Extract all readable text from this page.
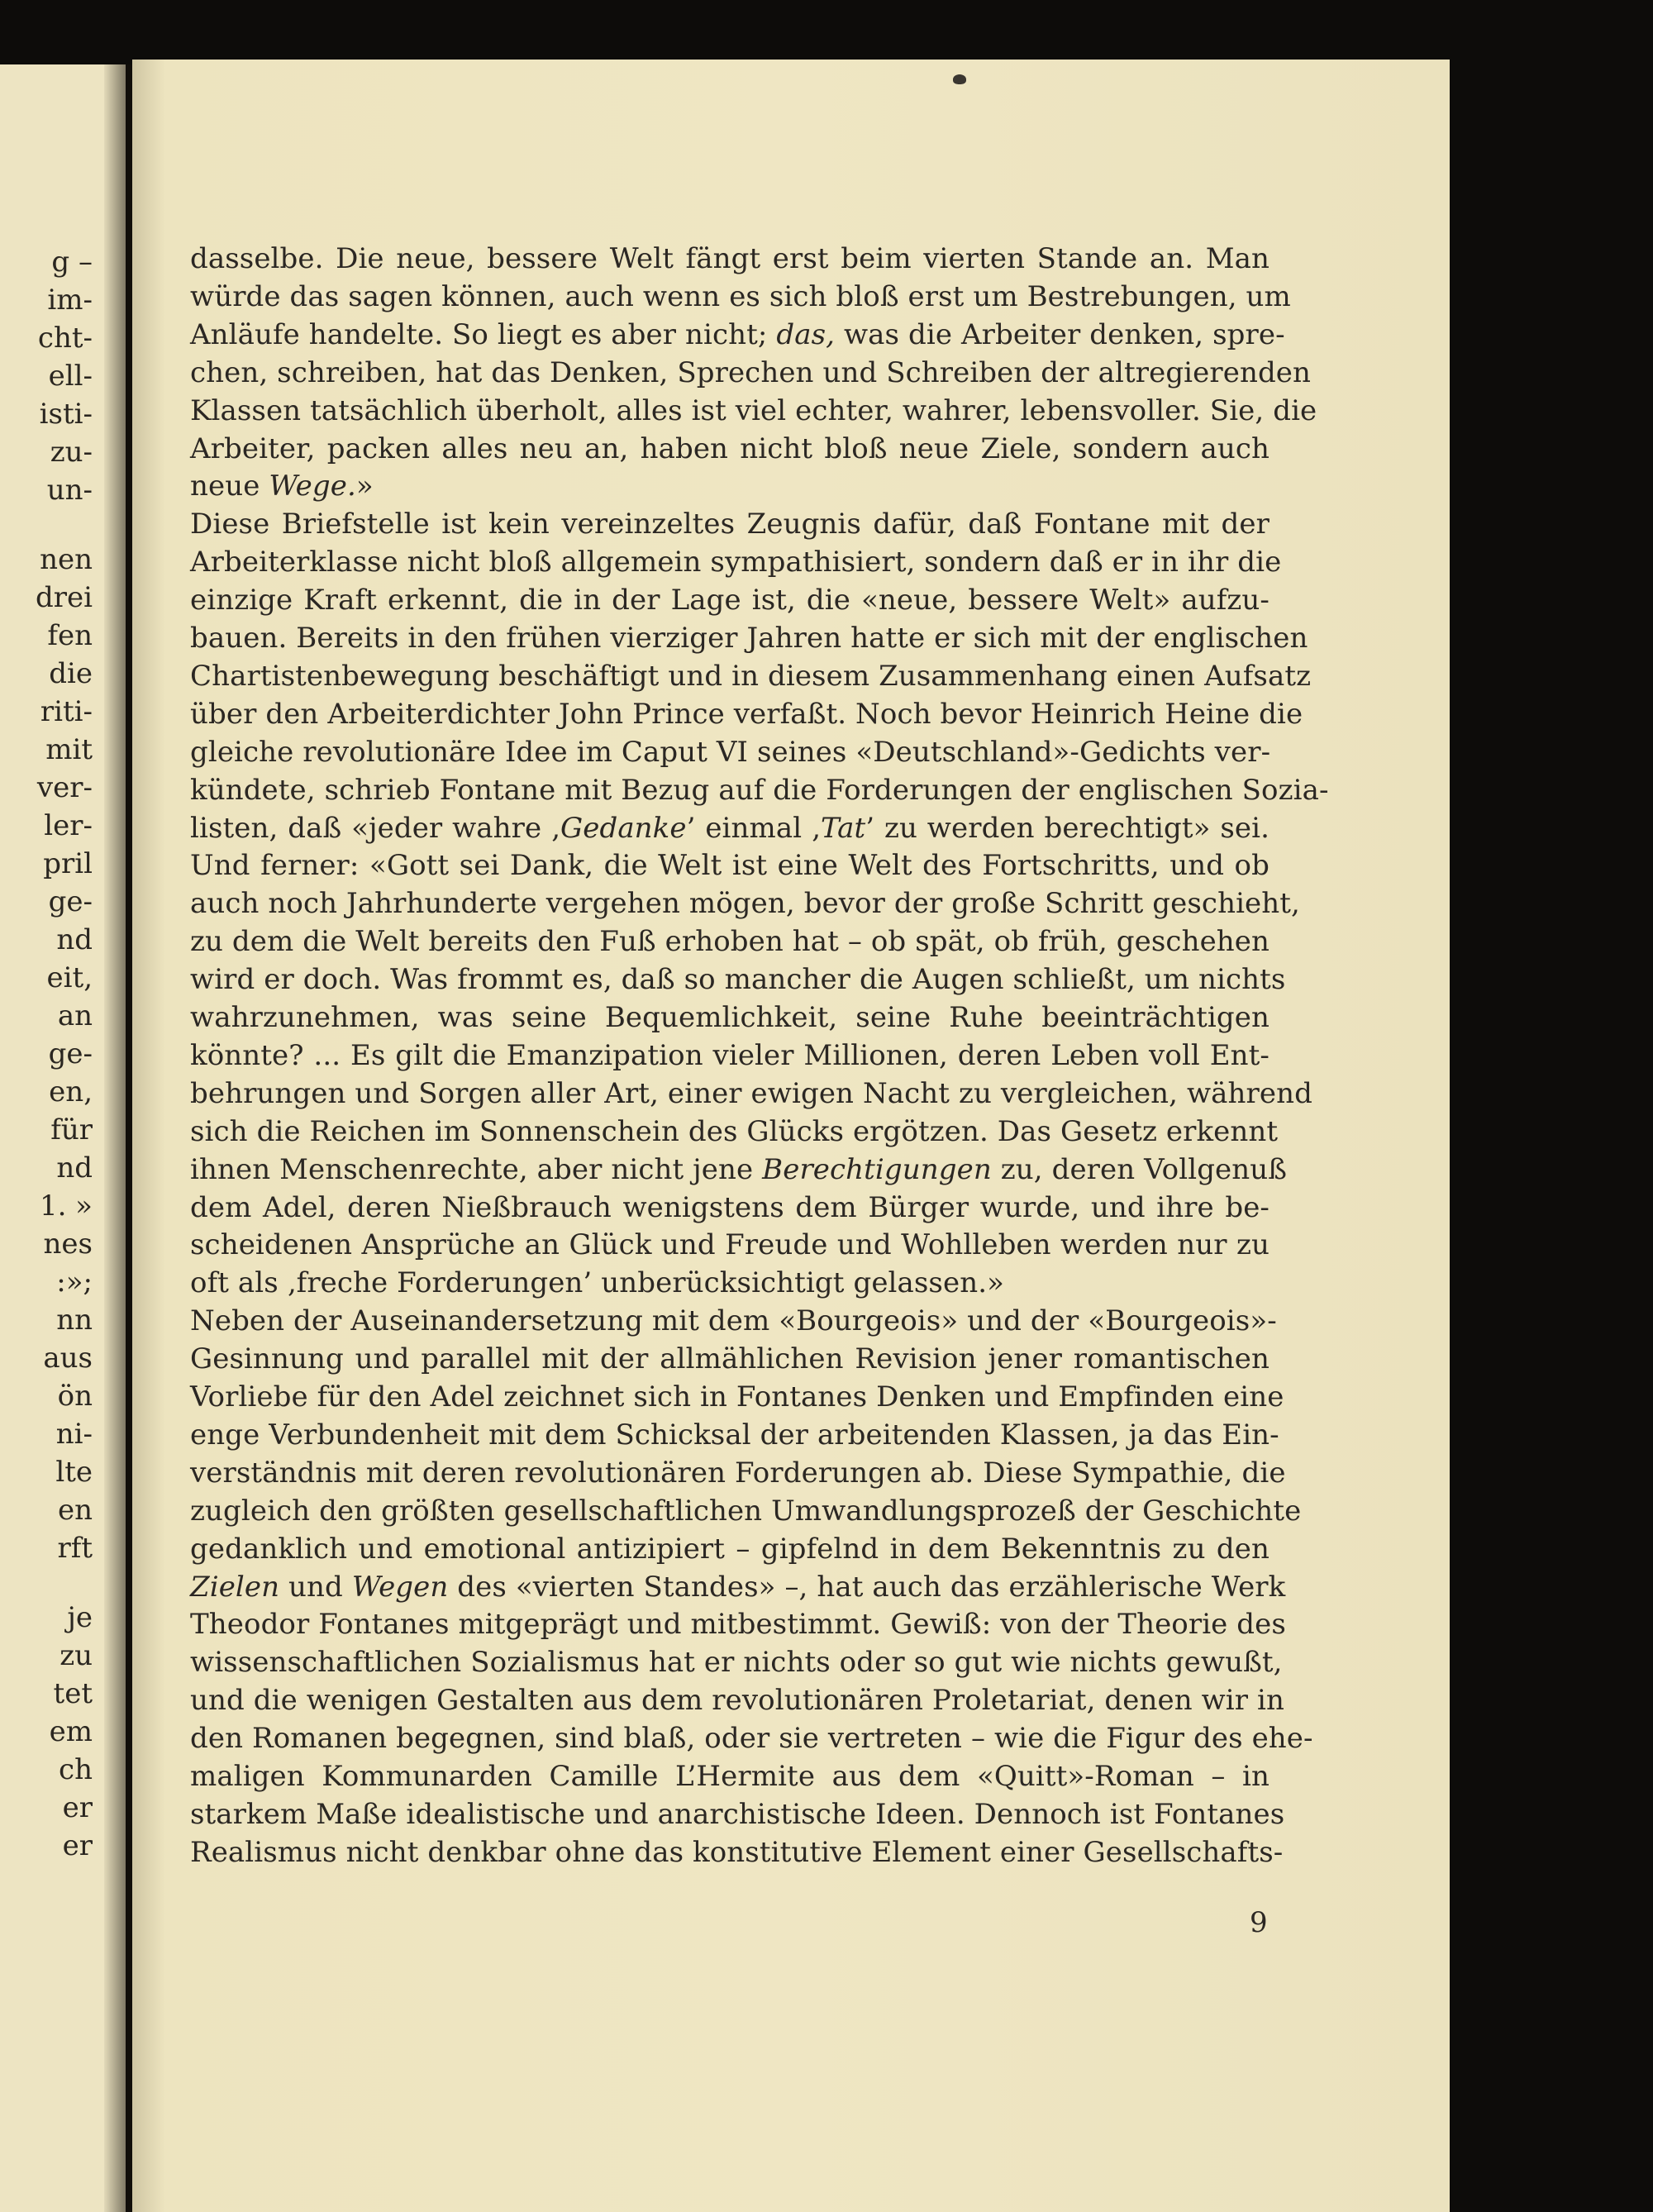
g –
im-
cht-
ell-
isti-
zu-
un-
nen
drei
fen
die
riti-
mit
ver-
ler-
pril
ge-
nd
eit,
an
ge-
en,
für
nd
1. »
nes
:»;
nn
aus
ön
ni-
lte
en
rft
je
zu
tet
em
ch
er
er
dasselbe. Die neue, bessere Welt fängt erst beim vierten Stande an. Man
würde das sagen können, auch wenn es sich bloß erst um Bestrebungen, um
Anläufe handelte. So liegt es aber nicht; das, was die Arbeiter denken, spre-
chen, schreiben, hat das Denken, Sprechen und Schreiben der altregierenden
Klassen tatsächlich überholt, alles ist viel echter, wahrer, lebensvoller. Sie, die
Arbeiter, packen alles neu an, haben nicht bloß neue Ziele, sondern auch
neue Wege.»
Diese Briefstelle ist kein vereinzeltes Zeugnis dafür, daß Fontane mit der
Arbeiterklasse nicht bloß allgemein sympathisiert, sondern daß er in ihr die
einzige Kraft erkennt, die in der Lage ist, die «neue, bessere Welt» aufzu-
bauen. Bereits in den frühen vierziger Jahren hatte er sich mit der englischen
Chartistenbewegung beschäftigt und in diesem Zusammenhang einen Aufsatz
über den Arbeiterdichter John Prince verfaßt. Noch bevor Heinrich Heine die
gleiche revolutionäre Idee im Caput VI seines «Deutschland»-Gedichts ver-
kündete, schrieb Fontane mit Bezug auf die Forderungen der englischen Sozia-
listen, daß «jeder wahre ‚Gedanke’ einmal ‚Tat’ zu werden berechtigt» sei.
Und ferner: «Gott sei Dank, die Welt ist eine Welt des Fortschritts, und ob
auch noch Jahrhunderte vergehen mögen, bevor der große Schritt geschieht,
zu dem die Welt bereits den Fuß erhoben hat – ob spät, ob früh, geschehen
wird er doch. Was frommt es, daß so mancher die Augen schließt, um nichts
wahrzunehmen, was seine Bequemlichkeit, seine Ruhe beeinträchtigen
könnte? ... Es gilt die Emanzipation vieler Millionen, deren Leben voll Ent-
behrungen und Sorgen aller Art, einer ewigen Nacht zu vergleichen, während
sich die Reichen im Sonnenschein des Glücks ergötzen. Das Gesetz erkennt
ihnen Menschenrechte, aber nicht jene Berechtigungen zu, deren Vollgenuß
dem Adel, deren Nießbrauch wenigstens dem Bürger wurde, und ihre be-
scheidenen Ansprüche an Glück und Freude und Wohlleben werden nur zu
oft als ‚freche Forderungen’ unberücksichtigt gelassen.»
Neben der Auseinandersetzung mit dem «Bourgeois» und der «Bourgeois»-
Gesinnung und parallel mit der allmählichen Revision jener romantischen
Vorliebe für den Adel zeichnet sich in Fontanes Denken und Empfinden eine
enge Verbundenheit mit dem Schicksal der arbeitenden Klassen, ja das Ein-
verständnis mit deren revolutionären Forderungen ab. Diese Sympathie, die
zugleich den größten gesellschaftlichen Umwandlungsprozeß der Geschichte
gedanklich und emotional antizipiert – gipfelnd in dem Bekenntnis zu den
Zielen und Wegen des «vierten Standes» –, hat auch das erzählerische Werk
Theodor Fontanes mitgeprägt und mitbestimmt. Gewiß: von der Theorie des
wissenschaftlichen Sozialismus hat er nichts oder so gut wie nichts gewußt,
und die wenigen Gestalten aus dem revolutionären Proletariat, denen wir in
den Romanen begegnen, sind blaß, oder sie vertreten – wie die Figur des ehe-
maligen Kommunarden Camille L’Hermite aus dem «Quitt»-Roman – in
starkem Maße idealistische und anarchistische Ideen. Dennoch ist Fontanes
Realismus nicht denkbar ohne das konstitutive Element einer Gesellschafts-
9
